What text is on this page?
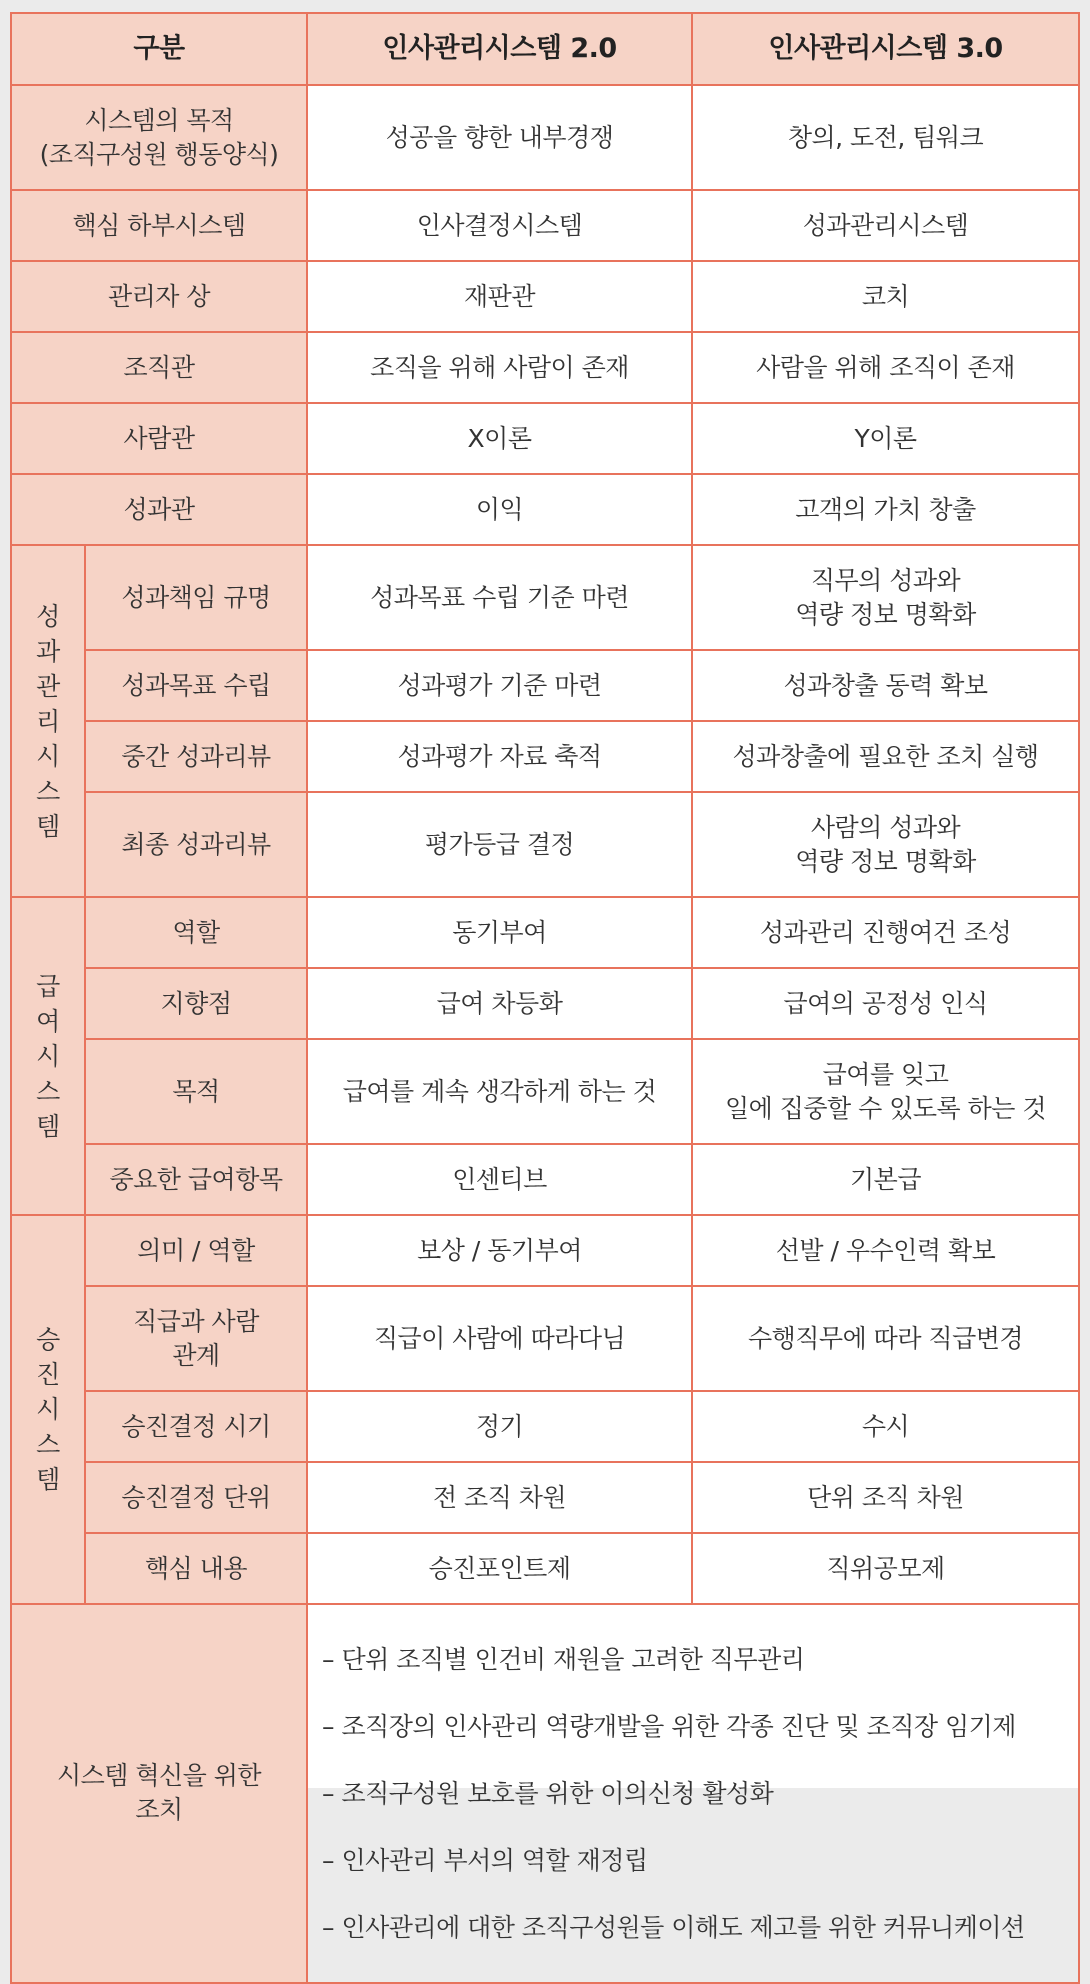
구분		인사관리시스템 2.0	인사관리시스템 3.0
시스템의 목적
(조직구성원 행동양식)		성공을 향한 내부경쟁	창의, 도전, 팀워크
핵심 하부시스템		인사결정시스템	성과관리시스템
관리자 상		재판관	코치
조직관		조직을 위해 사람이 존재	사람을 위해 조직이 존재
사람관		X이론	Y이론
성과관		이익	고객의 가치 창출
성과관리시스템	성과책임 규명	성과목표 수립 기준 마련	직무의 성과와
역량 정보 명확화
	성과목표 수립	성과평가 기준 마련	성과창출 동력 확보
	중간 성과리뷰	성과평가 자료 축적	성과창출에 필요한 조치 실행
	최종 성과리뷰	평가등급 결정	사람의 성과와
역량 정보 명확화
급여시스템	역할	동기부여	성과관리 진행여건 조성
	지향점	급여 차등화	급여의 공정성 인식
	목적	급여를 계속 생각하게 하는 것	급여를 잊고
일에 집중할 수 있도록 하는 것
	중요한 급여항목	인센티브	기본급
승진시스템	의미 / 역할	보상 / 동기부여	선발 / 우수인력 확보
	직급과 사람
관계	직급이 사람에 따라다님	수행직무에 따라 직급변경
	승진결정 시기	정기	수시
	승진결정 단위	전 조직 차원	단위 조직 차원
	핵심 내용	승진포인트제	직위공모제
시스템 혁신을 위한
조치		– 단위 조직별 인건비 재원을 고려한 직무관리

– 조직장의 인사관리 역량개발을 위한 각종 진단 및 조직장 임기제

– 조직구성원 보호를 위한 이의신청 활성화

– 인사관리 부서의 역할 재정립

– 인사관리에 대한 조직구성원들 이해도 제고를 위한 커뮤니케이션	
